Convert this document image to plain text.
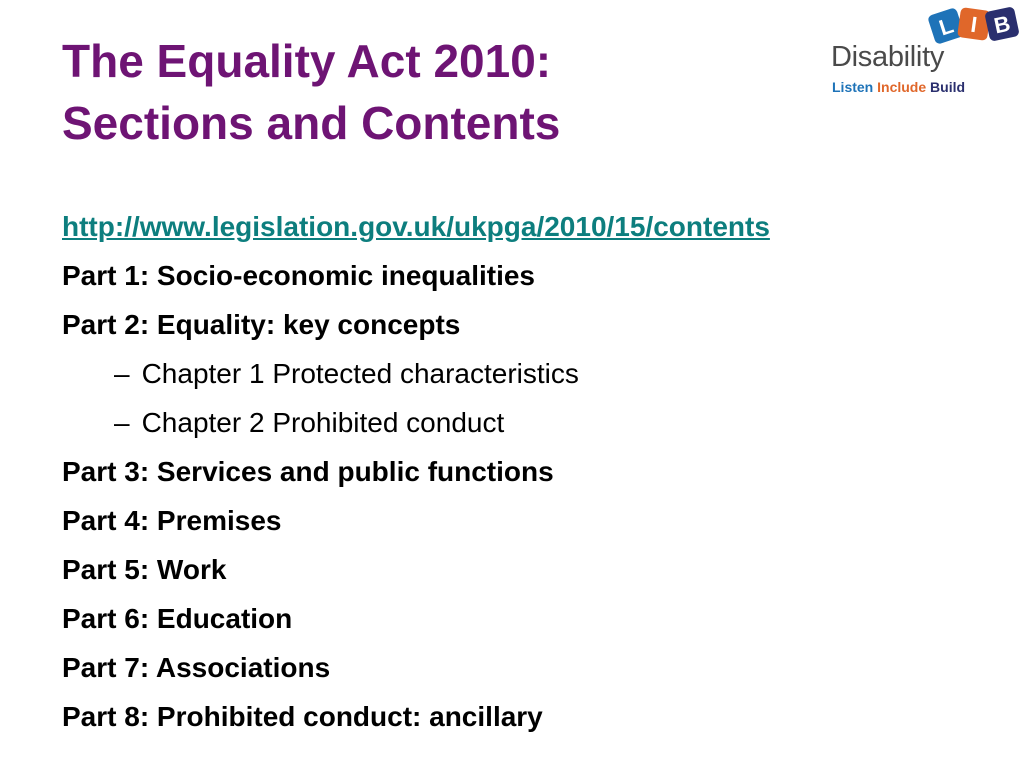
The Equality Act 2010:
Sections and Contents
L I B
Disability
Listen Include Build
http://www.legislation.gov.uk/ukpga/2010/15/contents
Part 1: Socio-economic inequalities
Part 2: Equality: key concepts
– Chapter 1 Protected characteristics
– Chapter 2 Prohibited conduct
Part 3: Services and public functions
Part 4: Premises
Part 5: Work
Part 6: Education
Part 7: Associations
Part 8: Prohibited conduct: ancillary
